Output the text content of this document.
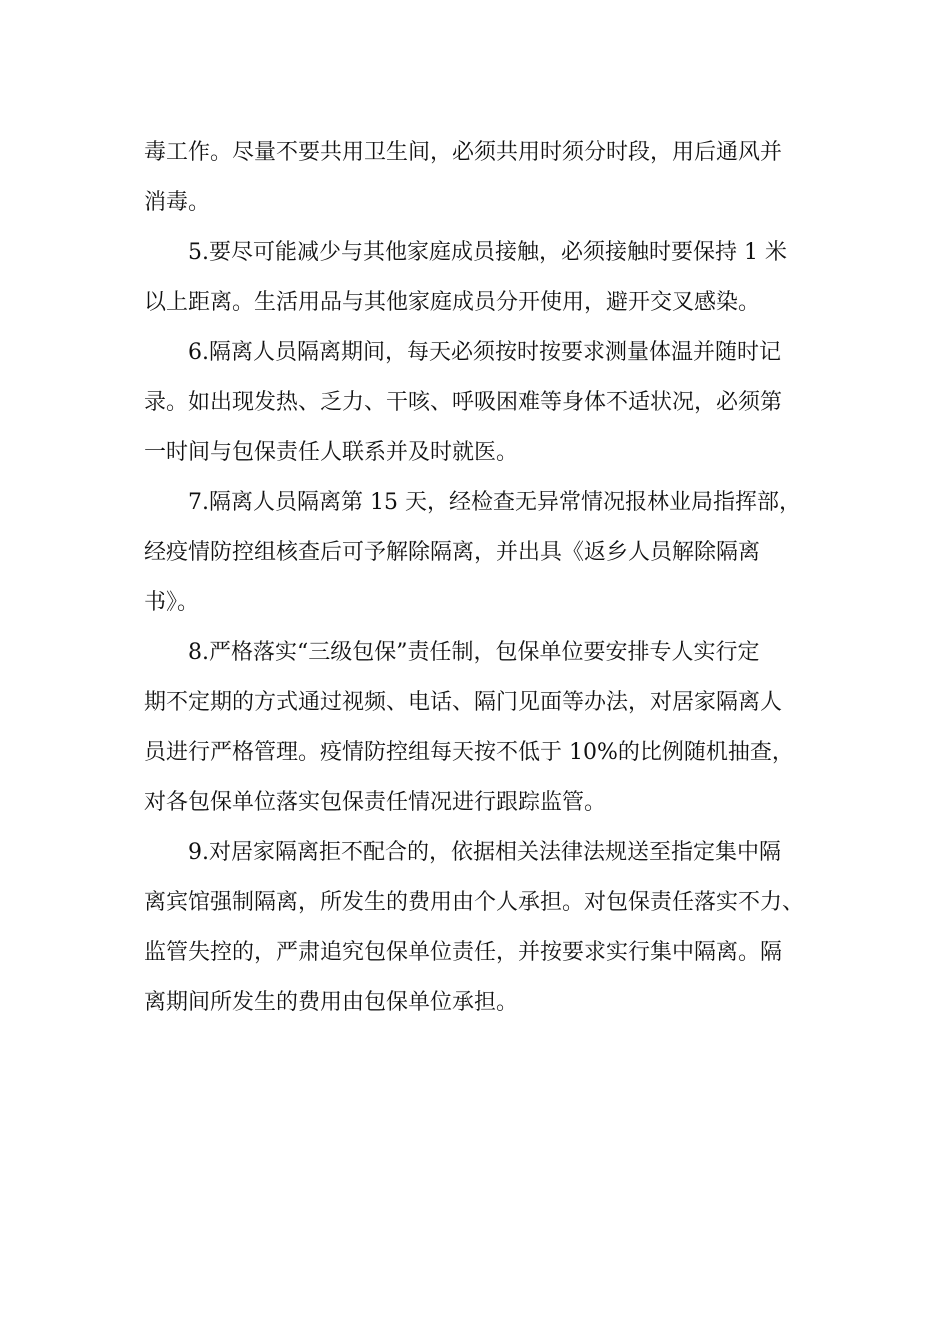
毒工作。尽量不要共用卫生间，必须共用时须分时段，用后通风并
消毒。
5.要尽可能减少与其他家庭成员接触，必须接触时要保持 1 米
以上距离。生活用品与其他家庭成员分开使用，避开交叉感染。
6.隔离人员隔离期间，每天必须按时按要求测量体温并随时记
录。如出现发热、乏力、干咳、呼吸困难等身体不适状况，必须第
一时间与包保责任人联系并及时就医。
7.隔离人员隔离第 15 天，经检查无异常情况报林业局指挥部，
经疫情防控组核查后可予解除隔离，并出具《返乡人员解除隔离
书》。
8.严格落实“三级包保”责任制，包保单位要安排专人实行定
期不定期的方式通过视频、电话、隔门见面等办法，对居家隔离人
员进行严格管理。疫情防控组每天按不低于 10%的比例随机抽查，
对各包保单位落实包保责任情况进行跟踪监管。
9.对居家隔离拒不配合的，依据相关法律法规送至指定集中隔
离宾馆强制隔离，所发生的费用由个人承担。对包保责任落实不力、
监管失控的，严肃追究包保单位责任，并按要求实行集中隔离。隔
离期间所发生的费用由包保单位承担。
